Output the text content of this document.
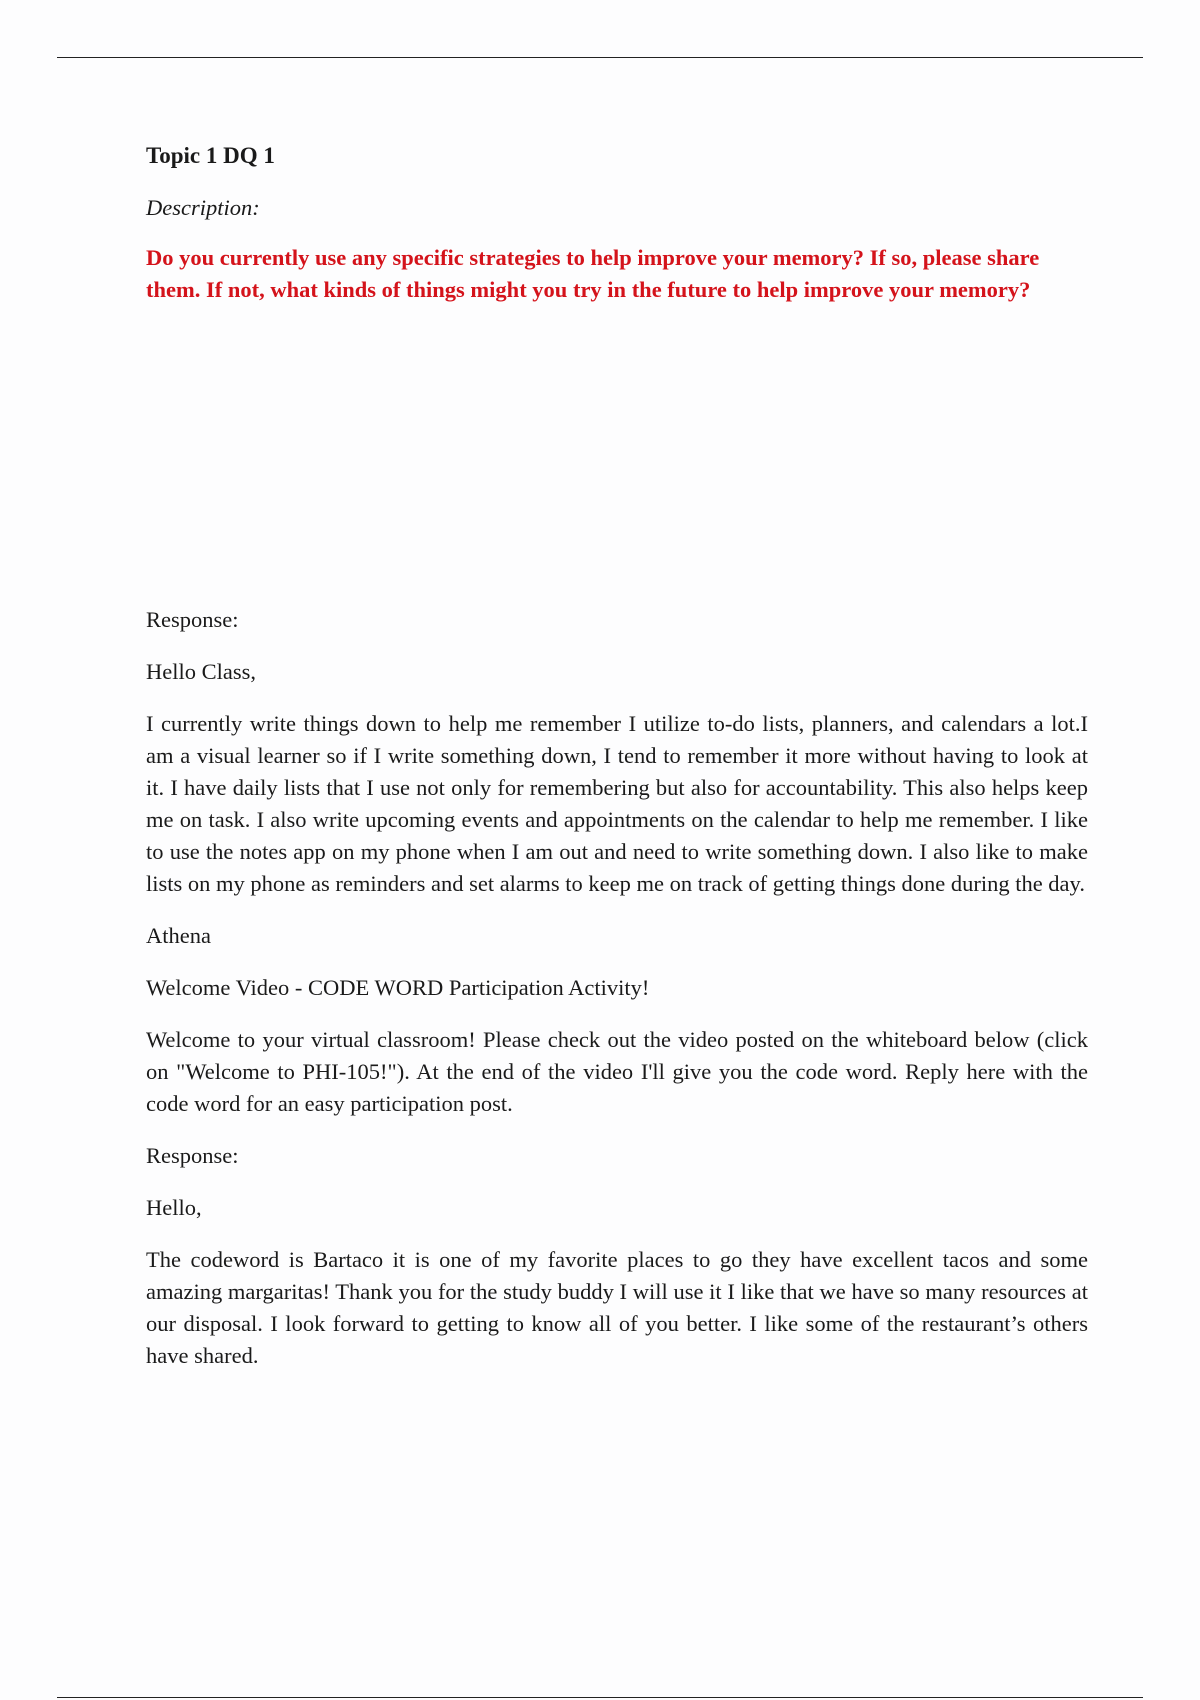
Topic 1 DQ 1

Description:

Do you currently use any specific strategies to help improve your memory? If so, please share them. If not, what kinds of things might you try in the future to help improve your memory?

Response:

Hello Class,

I currently write things down to help me remember I utilize to-do lists, planners, and calendars a lot.I am a visual learner so if I write something down, I tend to remember it more without having to look at it. I have daily lists that I use not only for remembering but also for accountability. This also helps keep me on task. I also write upcoming events and appointments on the calendar to help me remember. I like to use the notes app on my phone when I am out and need to write something down. I also like to make lists on my phone as reminders and set alarms to keep me on track of getting things done during the day.

Athena

Welcome Video - CODE WORD Participation Activity!

Welcome to your virtual classroom! Please check out the video posted on the whiteboard below (click on "Welcome to PHI-105!"). At the end of the video I'll give you the code word. Reply here with the code word for an easy participation post.

Response:

Hello,

The codeword is Bartaco it is one of my favorite places to go they have excellent tacos and some amazing margaritas! Thank you for the study buddy I will use it I like that we have so many resources at our disposal. I look forward to getting to know all of you better. I like some of the restaurant’s others have shared.
